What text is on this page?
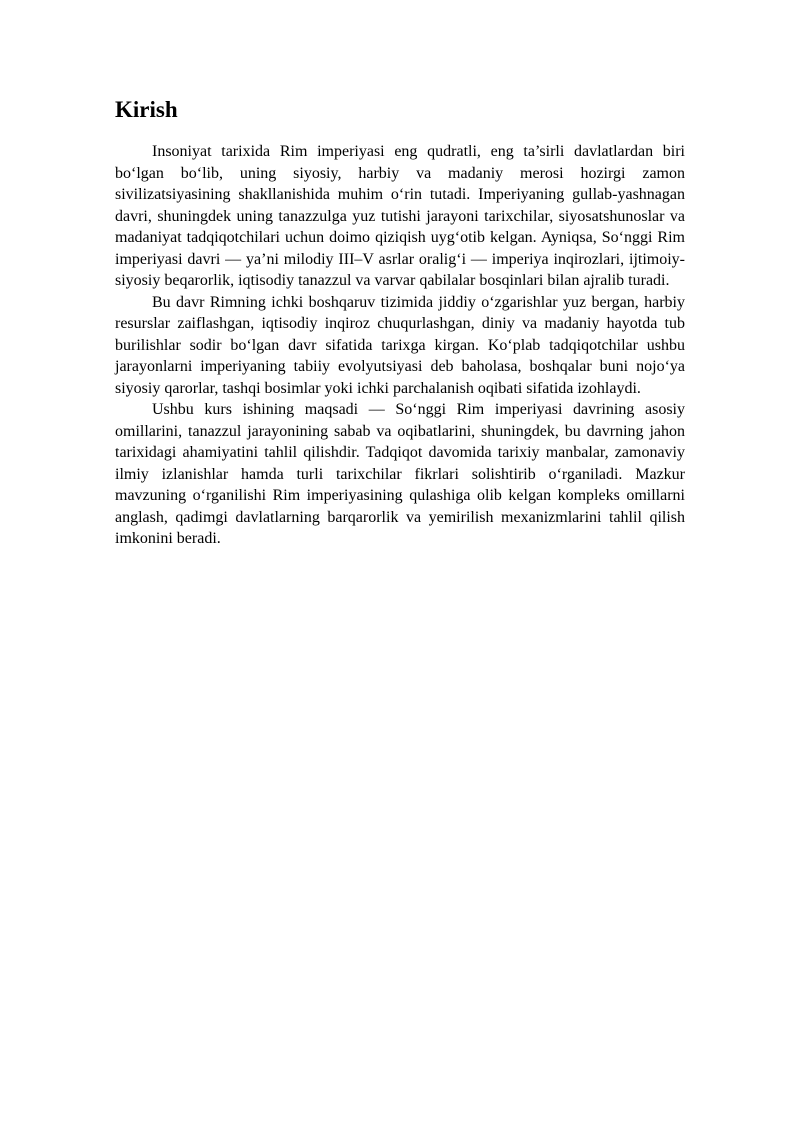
Kirish

Insoniyat tarixida Rim imperiyasi eng qudratli, eng ta’sirli davlatlardan biri bo‘lgan bo‘lib, uning siyosiy, harbiy va madaniy merosi hozirgi zamon sivilizatsiyasining shakllanishida muhim o‘rin tutadi. Imperiyaning gullab-yashnagan davri, shuningdek uning tanazzulga yuz tutishi jarayoni tarixchilar, siyosatshunoslar va madaniyat tadqiqotchilari uchun doimo qiziqish uyg‘otib kelgan. Ayniqsa, So‘nggi Rim imperiyasi davri — ya’ni milodiy III–V asrlar oralig‘i — imperiya inqirozlari, ijtimoiy-siyosiy beqarorlik, iqtisodiy tanazzul va varvar qabilalar bosqinlari bilan ajralib turadi.

Bu davr Rimning ichki boshqaruv tizimida jiddiy o‘zgarishlar yuz bergan, harbiy resurslar zaiflashgan, iqtisodiy inqiroz chuqurlashgan, diniy va madaniy hayotda tub burilishlar sodir bo‘lgan davr sifatida tarixga kirgan. Ko‘plab tadqiqotchilar ushbu jarayonlarni imperiyaning tabiiy evolyutsiyasi deb baholasa, boshqalar buni nojo‘ya siyosiy qarorlar, tashqi bosimlar yoki ichki parchalanish oqibati sifatida izohlaydi.

Ushbu kurs ishining maqsadi — So‘nggi Rim imperiyasi davrining asosiy omillarini, tanazzul jarayonining sabab va oqibatlarini, shuningdek, bu davrning jahon tarixidagi ahamiyatini tahlil qilishdir. Tadqiqot davomida tarixiy manbalar, zamonaviy ilmiy izlanishlar hamda turli tarixchilar fikrlari solishtirib o‘rganiladi. Mazkur mavzuning o‘rganilishi Rim imperiyasining qulashiga olib kelgan kompleks omillarni anglash, qadimgi davlatlarning barqarorlik va yemirilish mexanizmlarini tahlil qilish imkonini beradi.
